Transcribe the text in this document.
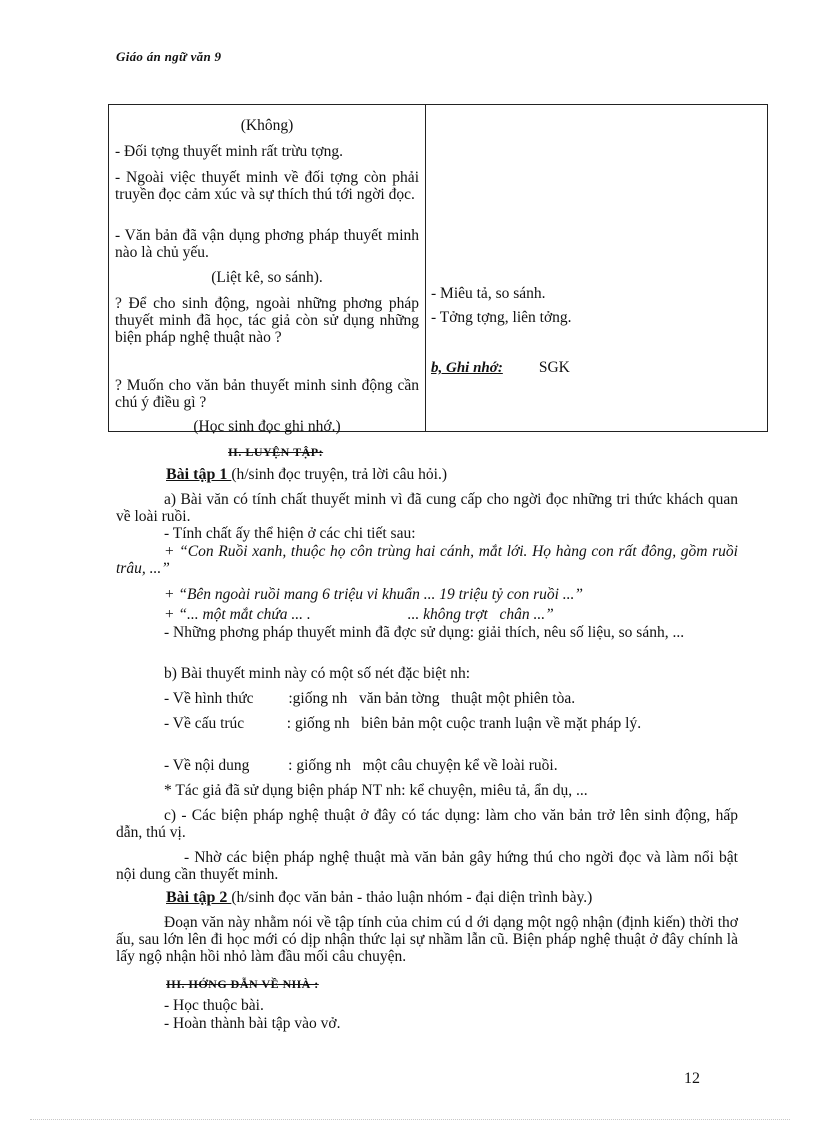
Giáo án ngữ văn 9
(Không)
- Đối tợng thuyết minh rất trừu tợng.
- Ngoài việc thuyết minh về đối tợng còn phải truyền đọc cảm xúc và sự thích thú tới ngời đọc.
- Văn bản đã vận dụng phơng pháp thuyết minh nào là chủ yếu.
(Liệt kê, so sánh).
? Để cho sinh động, ngoài những phơng pháp thuyết minh đã học, tác giả còn sử dụng những biện pháp nghệ thuật nào ?
? Muốn cho văn bản thuyết minh sinh động cần chú ý điều gì ?
(Học sinh đọc ghi nhớ.)
- Miêu tả, so sánh.
- Tởng tợng, liên tởng.
b, Ghi nhớ: SGK
II. LUYỆN TẬP:
Bài tập 1 (h/sinh đọc truyện, trả lời câu hỏi.)
a) Bài văn có tính chất thuyết minh vì đã cung cấp cho ngời đọc những tri thức khách quan về loài ruồi.
- Tính chất ấy thể hiện ở các chi tiết sau:
+ “Con Ruồi xanh, thuộc họ côn trùng hai cánh, mắt lới. Họ hàng con rất đông, gồm ruồi trâu, ...”
+ “Bên ngoài ruồi mang 6 triệu vi khuẩn ... 19 triệu tỷ con ruồi ...”
+ “... một mắt chứa ... .                         ... không trợt   chân ...”
- Những phơng pháp thuyết minh đã đợc sử dụng: giải thích, nêu số liệu, so sánh, ...
b) Bài thuyết minh này có một số nét đặc biệt nh:
- Về hình thức         :giống nh   văn bản tờng   thuật một phiên tòa.
- Về cấu trúc           : giống nh   biên bản một cuộc tranh luận về mặt pháp lý.
- Về nội dung          : giống nh   một câu chuyện kể về loài ruồi.
* Tác giả đã sử dụng biện pháp NT nh: kể chuyện, miêu tả, ẩn dụ, ...
c) - Các biện pháp nghệ thuật ở đây có tác dụng: làm cho văn bản trở lên sinh động, hấp dẫn, thú vị.
- Nhờ các biện pháp nghệ thuật mà văn bản gây hứng thú cho ngời đọc và làm nổi bật nội dung cần thuyết minh.
Bài tập 2 (h/sinh đọc văn bản - thảo luận nhóm - đại diện trình bày.)
Đoạn văn này nhằm nói về tập tính của chim cú d ới dạng một ngộ nhận (định kiến) thời thơ ấu, sau lớn lên đi học mới có dịp nhận thức lại sự nhầm lẫn cũ. Biện pháp nghệ thuật ở đây chính là lấy ngộ nhận hồi nhỏ làm đầu mối câu chuyện.
III. HỚNG DẪN VỀ NHÀ :
- Học thuộc bài.
- Hoàn thành bài tập vào vở.
12
